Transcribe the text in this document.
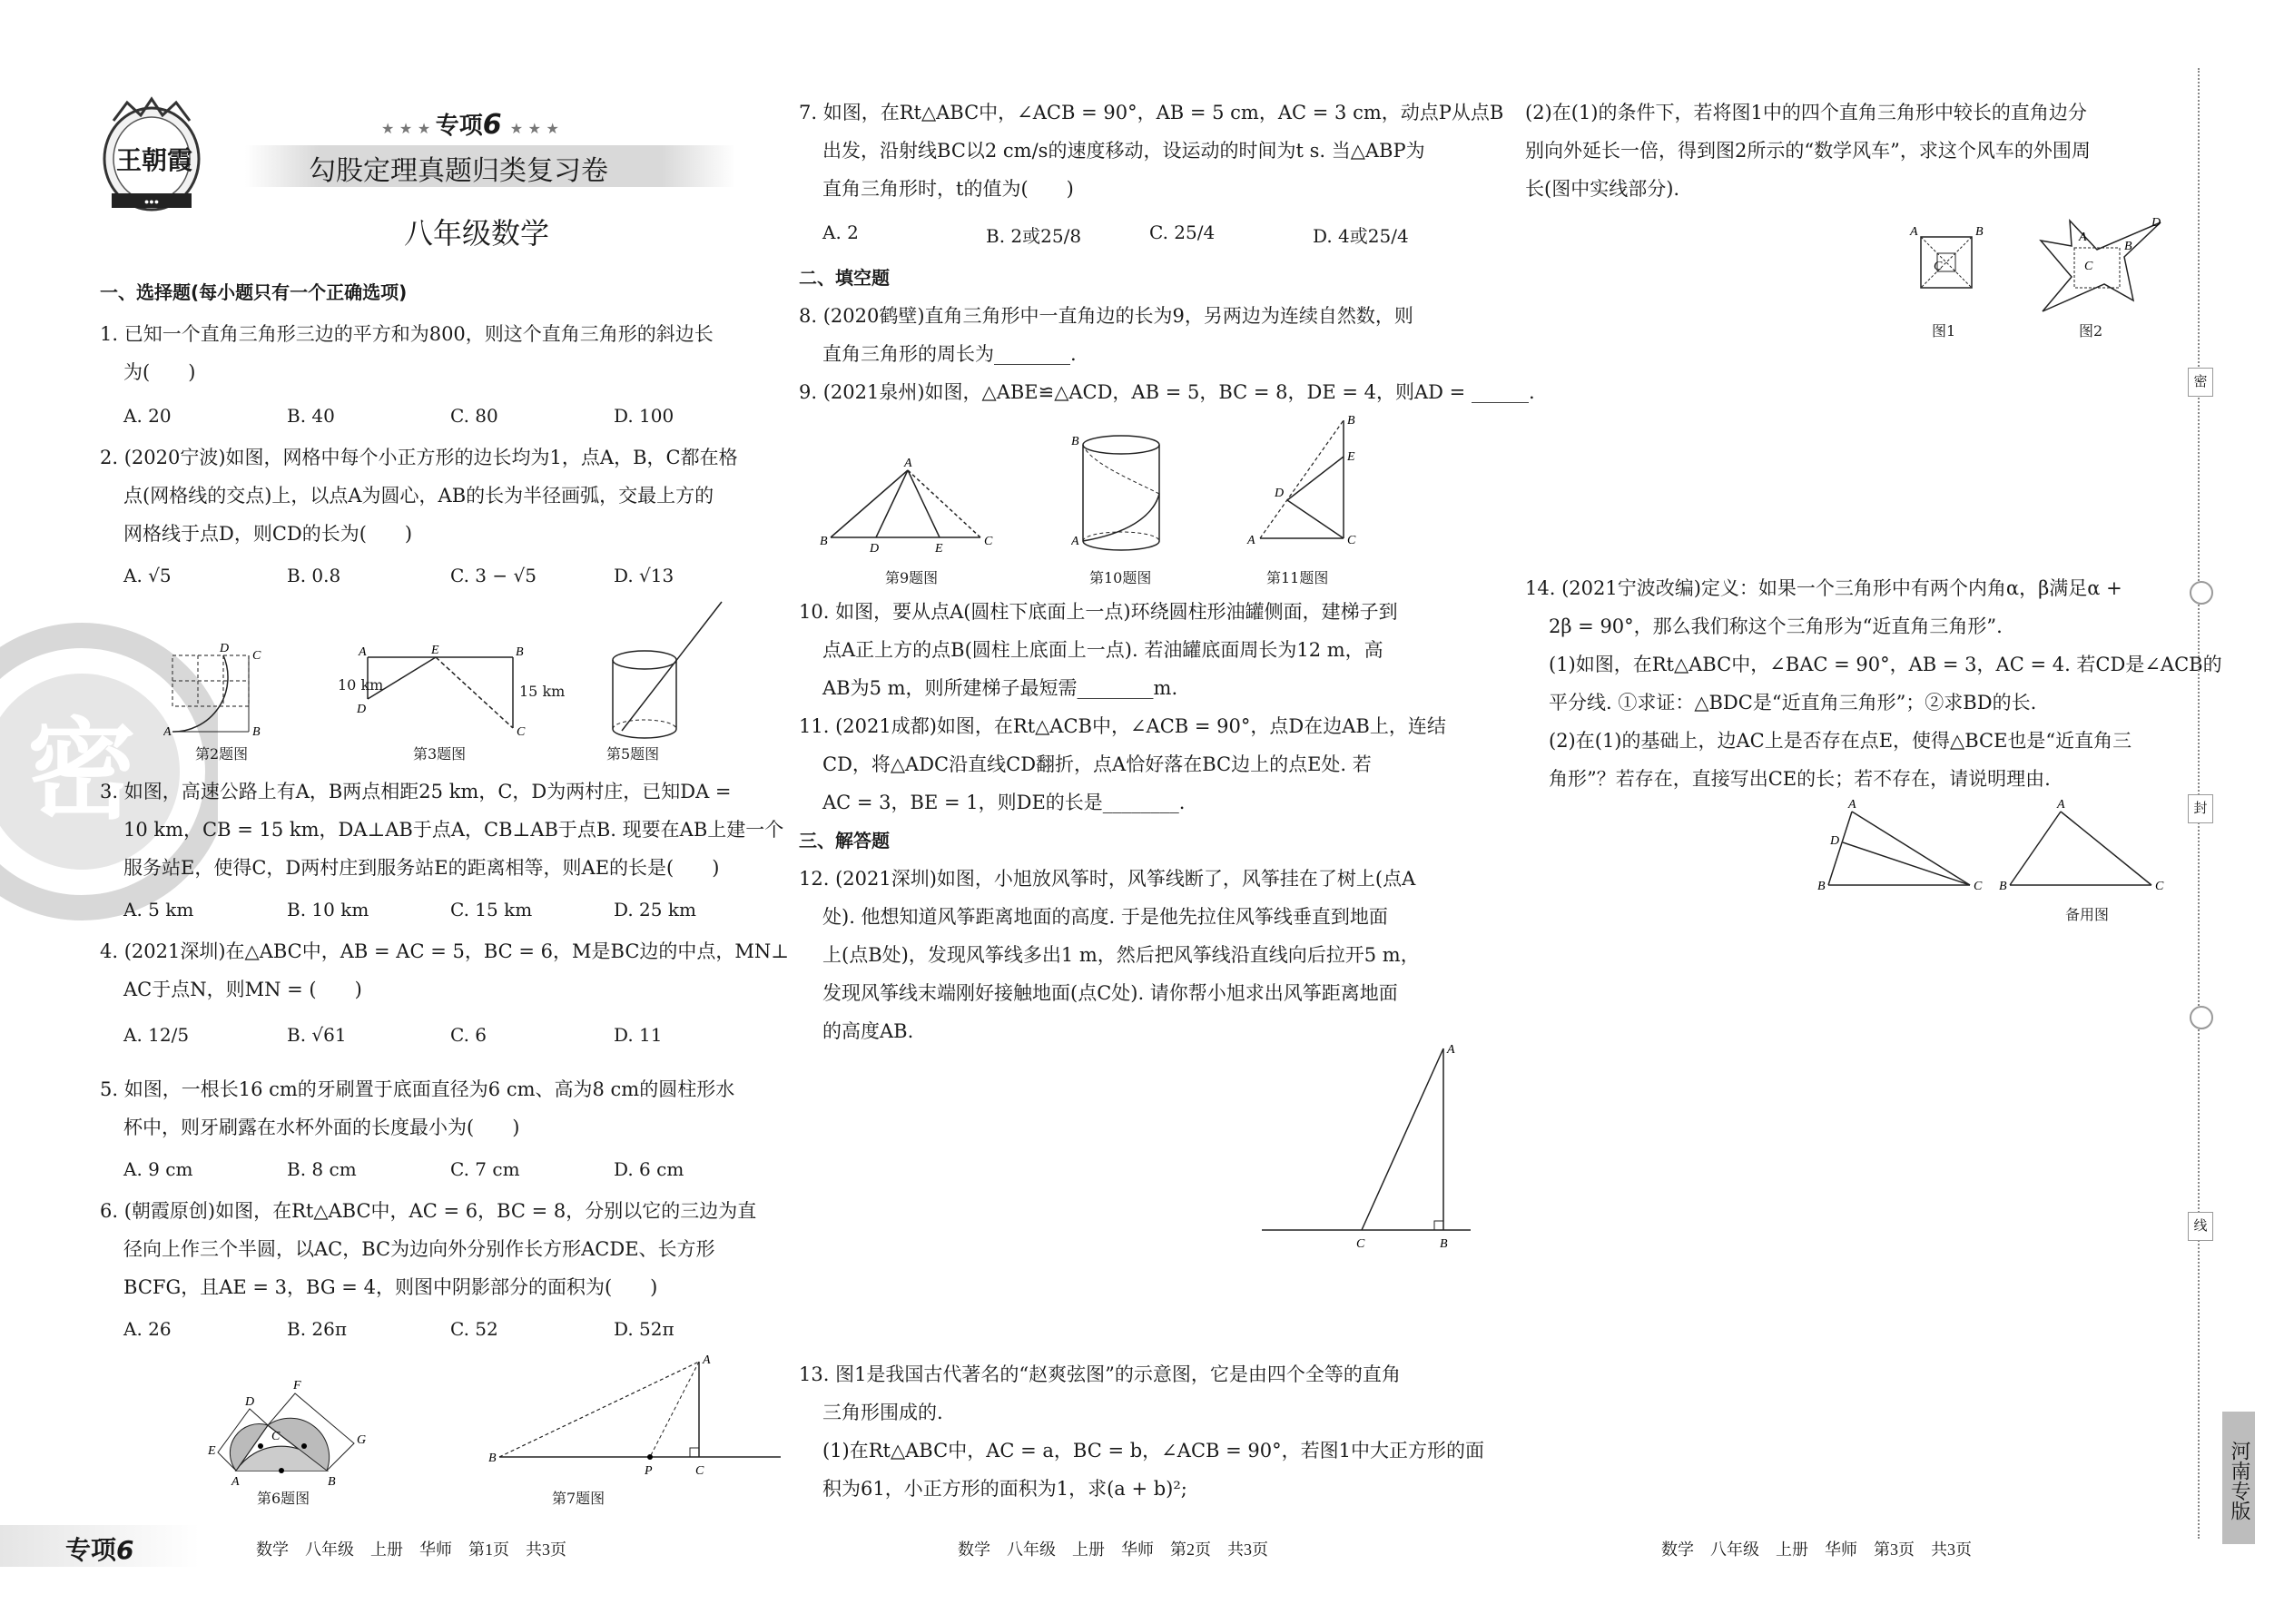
●●●
王朝霞
★ ★ ★ 专项6 ★ ★ ★
勾股定理真题归类复习卷
八年级数学
密
一、选择题(每小题只有一个正确选项)
1. 已知一个直角三角形三边的平方和为800，则这个直角三角形的斜边长
为(　　)
A. 20	B. 40	C. 80	D. 100
2. (2020宁波)如图，网格中每个小正方形的边长均为1，点A，B，C都在格
点(网格线的交点)上，以点A为圆心，AB的长为半径画弧，交最上方的
网格线于点D，则CD的长为(　　)
A. √5	B. 0.8	C. 3 − √5	D. √13
A	B
C
D	A	B
E
D
C
10 km	15 km
第2题图	第3题图	第5题图
3. 如图，高速公路上有A，B两点相距25 km，C，D为两村庄，已知DA =
10 km，CB = 15 km，DA⊥AB于点A，CB⊥AB于点B. 现要在AB上建一个
服务站E，使得C，D两村庄到服务站E的距离相等，则AE的长是(　　)
A. 5 km	B. 10 km	C. 15 km	D. 25 km
4. (2021深圳)在△ABC中，AB = AC = 5，BC = 6，M是BC边的中点，MN⊥
AC于点N，则MN = (　　)
A. 12/5	B. √61	C. 6	D. 11
5. 如图，一根长16 cm的牙刷置于底面直径为6 cm、高为8 cm的圆柱形水
杯中，则牙刷露在水杯外面的长度最小为(　　)
A. 9 cm	B. 8 cm	C. 7 cm	D. 6 cm
6. (朝霞原创)如图，在Rt△ABC中，AC = 6，BC = 8，分别以它的三边为直
径向上作三个半圆，以AC，BC为边向外分别作长方形ACDE、长方形
BCFG，且AE = 3，BG = 4，则图中阴影部分的面积为(　　)
A. 26	B. 26π	C. 52	D. 52π
A	B
C
D
E
F
G
B
P	C
A
第6题图	第7题图
7. 如图，在Rt△ABC中，∠ACB = 90°，AB = 5 cm，AC = 3 cm，动点P从点B
出发，沿射线BC以2 cm/s的速度移动，设运动的时间为t s. 当△ABP为
直角三角形时，t的值为(　　)
A. 2	B. 2或25/8	C. 25/4	D. 4或25/4
二、填空题
8. (2020鹤壁)直角三角形中一直角边的长为9，另两边为连续自然数，则
直角三角形的周长为________.
9. (2021泉州)如图，△ABE≌△ACD，AB = 5，BC = 8，DE = 4，则AD = ______.
B
D	E
C
A
B
A	A	C
B
E
D
第9题图	第10题图	第11题图
10. 如图，要从点A(圆柱下底面上一点)环绕圆柱形油罐侧面，建梯子到
点A正上方的点B(圆柱上底面上一点). 若油罐底面周长为12 m，高
AB为5 m，则所建梯子最短需________m.
11. (2021成都)如图，在Rt△ACB中，∠ACB = 90°，点D在边AB上，连结
CD，将△ADC沿直线CD翻折，点A恰好落在BC边上的点E处. 若
AC = 3，BE = 1，则DE的长是________.
三、解答题
12. (2021深圳)如图，小旭放风筝时，风筝线断了，风筝挂在了树上(点A
处). 他想知道风筝距离地面的高度. 于是他先拉住风筝线垂直到地面
上(点B处)，发现风筝线多出1 m，然后把风筝线沿直线向后拉开5 m，
发现风筝线末端刚好接触地面(点C处). 请你帮小旭求出风筝距离地面
的高度AB.
A
C	B
13. 图1是我国古代著名的“赵爽弦图”的示意图，它是由四个全等的直角
三角形围成的.
(1)在Rt△ABC中，AC = a，BC = b，∠ACB = 90°，若图1中大正方形的面
积为61，小正方形的面积为1，求(a + b)²;
(2)在(1)的条件下，若将图1中的四个直角三角形中较长的直角边分
别向外延长一倍，得到图2所示的“数学风车”，求这个风车的外围周
长(图中实线部分).
A	B
C	C
D
A
B
图1	图2
14. (2021宁波改编)定义：如果一个三角形中有两个内角α，β满足α +
2β = 90°，那么我们称这个三角形为“近直角三角形”.
(1)如图，在Rt△ABC中，∠BAC = 90°，AB = 3，AC = 4. 若CD是∠ACB的
平分线. ①求证：△BDC是“近直角三角形”；②求BD的长.
(2)在(1)的基础上，边AC上是否存在点E，使得△BCE也是“近直角三
角形”？若存在，直接写出CE的长；若不存在，请说明理由.
B
A
D
C B
A
C
备用图
密
封
线
河南专版
专项6	数学　八年级　上册　华师　第1页　共3页	数学　八年级　上册　华师　第2页　共3页	数学　八年级　上册　华师　第3页　共3页
